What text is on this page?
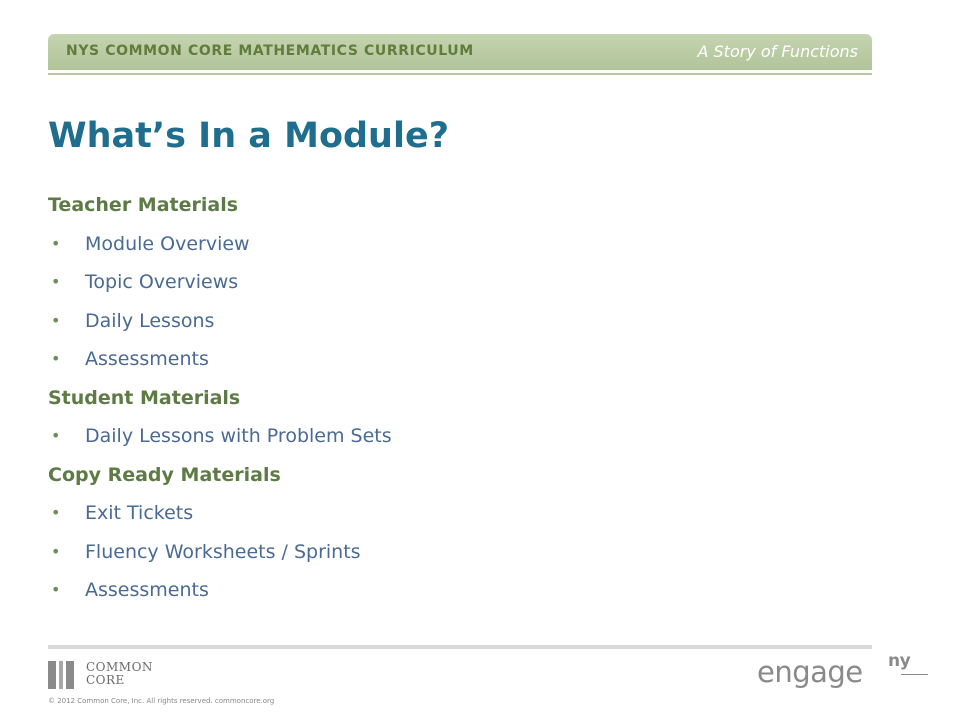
NYS COMMON CORE MATHEMATICS CURRICULUM	A Story of Functions
What’s In a Module?
Teacher Materials
• Module Overview
• Topic Overviews
• Daily Lessons
• Assessments
Student Materials
• Daily Lessons with Problem Sets
Copy Ready Materials
• Exit Tickets
• Fluency Worksheets / Sprints
• Assessments
COMMON
CORE
© 2012 Common Core, Inc. All rights reserved. commoncore.org
engage ny
